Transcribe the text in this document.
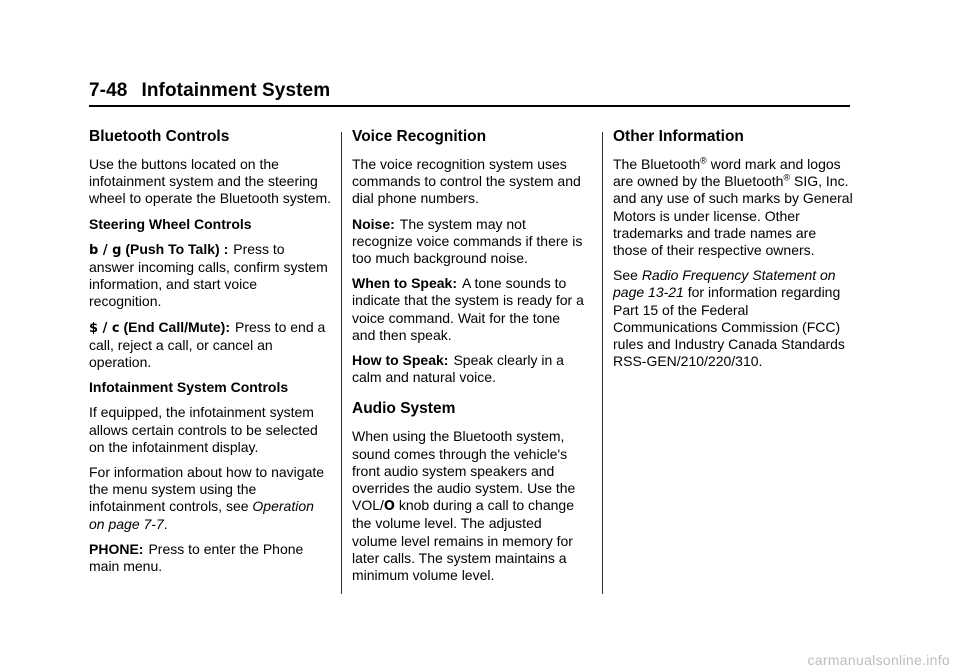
7-48 Infotainment System
Bluetooth Controls

Use the buttons located on the infotainment system and the steering wheel to operate the Bluetooth system.

Steering Wheel Controls

b / g (Push To Talk) : Press to answer incoming calls, confirm system information, and start voice recognition.

$ / c (End Call/Mute): Press to end a call, reject a call, or cancel an operation.

Infotainment System Controls

If equipped, the infotainment system allows certain controls to be selected on the infotainment display.

For information about how to navigate the menu system using the infotainment controls, see Operation on page 7-7.

PHONE: Press to enter the Phone main menu.

Voice Recognition

The voice recognition system uses commands to control the system and dial phone numbers.

Noise: The system may not recognize voice commands if there is too much background noise.

When to Speak: A tone sounds to indicate that the system is ready for a voice command. Wait for the tone and then speak.

How to Speak: Speak clearly in a calm and natural voice.

Audio System

When using the Bluetooth system, sound comes through the vehicle's front audio system speakers and overrides the audio system. Use the VOL/O knob during a call to change the volume level. The adjusted volume level remains in memory for later calls. The system maintains a minimum volume level.

Other Information

The Bluetooth® word mark and logos are owned by the Bluetooth® SIG, Inc. and any use of such marks by General Motors is under license. Other trademarks and trade names are those of their respective owners.

See Radio Frequency Statement on page 13-21 for information regarding Part 15 of the Federal Communications Commission (FCC) rules and Industry Canada Standards RSS-GEN/210/220/310.

carmanualsonline.info
